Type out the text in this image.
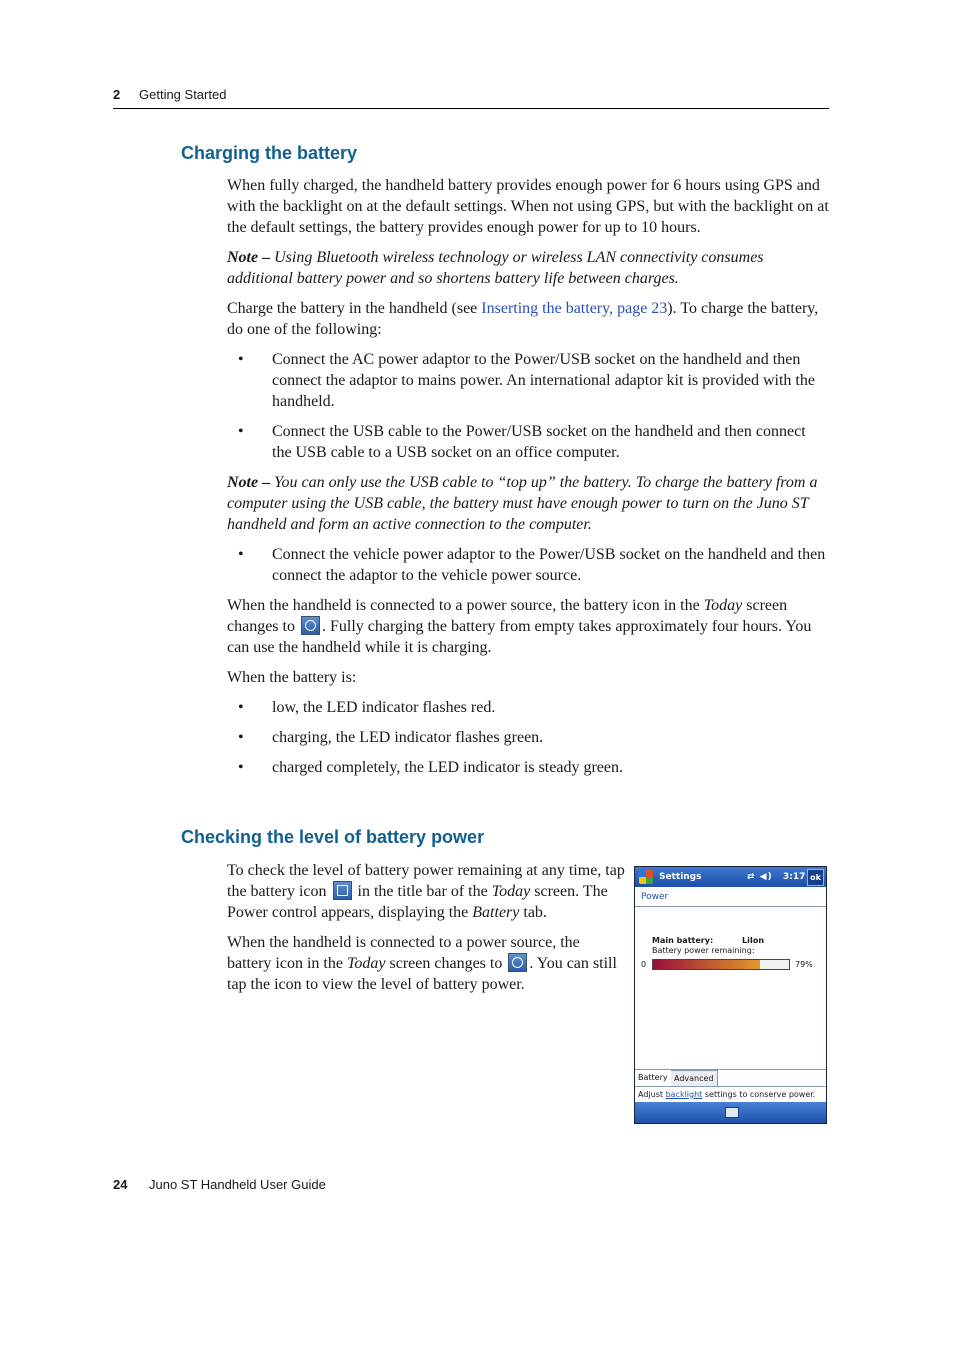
2 Getting Started
Charging the battery

When fully charged, the handheld battery provides enough power for 6 hours using GPS and with the backlight on at the default settings. When not using GPS, but with the backlight on at the default settings, the battery provides enough power for up to 10 hours.

Note – Using Bluetooth wireless technology or wireless LAN connectivity consumes additional battery power and so shortens battery life between charges.

Charge the battery in the handheld (see Inserting the battery, page 23). To charge the battery, do one of the following:

• Connect the AC power adaptor to the Power/USB socket on the handheld and then connect the adaptor to mains power. An international adaptor kit is provided with the handheld.
• Connect the USB cable to the Power/USB socket on the handheld and then connect the USB cable to a USB socket on an office computer.

Note – You can only use the USB cable to “top up” the battery. To charge the battery from a computer using the USB cable, the battery must have enough power to turn on the Juno ST handheld and form an active connection to the computer.

• Connect the vehicle power adaptor to the Power/USB socket on the handheld and then connect the adaptor to the vehicle power source.

When the handheld is connected to a power source, the battery icon in the Today screen changes to
. Fully charging the battery from empty takes approximately four hours. You can use the handheld while it is charging.

When the battery is:

• low, the LED indicator flashes red.
• charging, the LED indicator flashes green.
• charged completely, the LED indicator is steady green.
Checking the level of battery power

To check the level of battery power remaining at any time, tap the battery icon
in the title bar of the Today screen. The Power control appears, displaying the Battery tab.

When the handheld is connected to a power source, the battery icon in the Today screen changes to
. You can still tap the icon to view the level of battery power.

Settings	⇄ ◀) 3:17 ok
Power
Main battery:	LiIon
Battery power remaining:
0	79%
Battery Advanced
Adjust backlight settings to conserve power.
24 Juno ST Handheld User Guide
